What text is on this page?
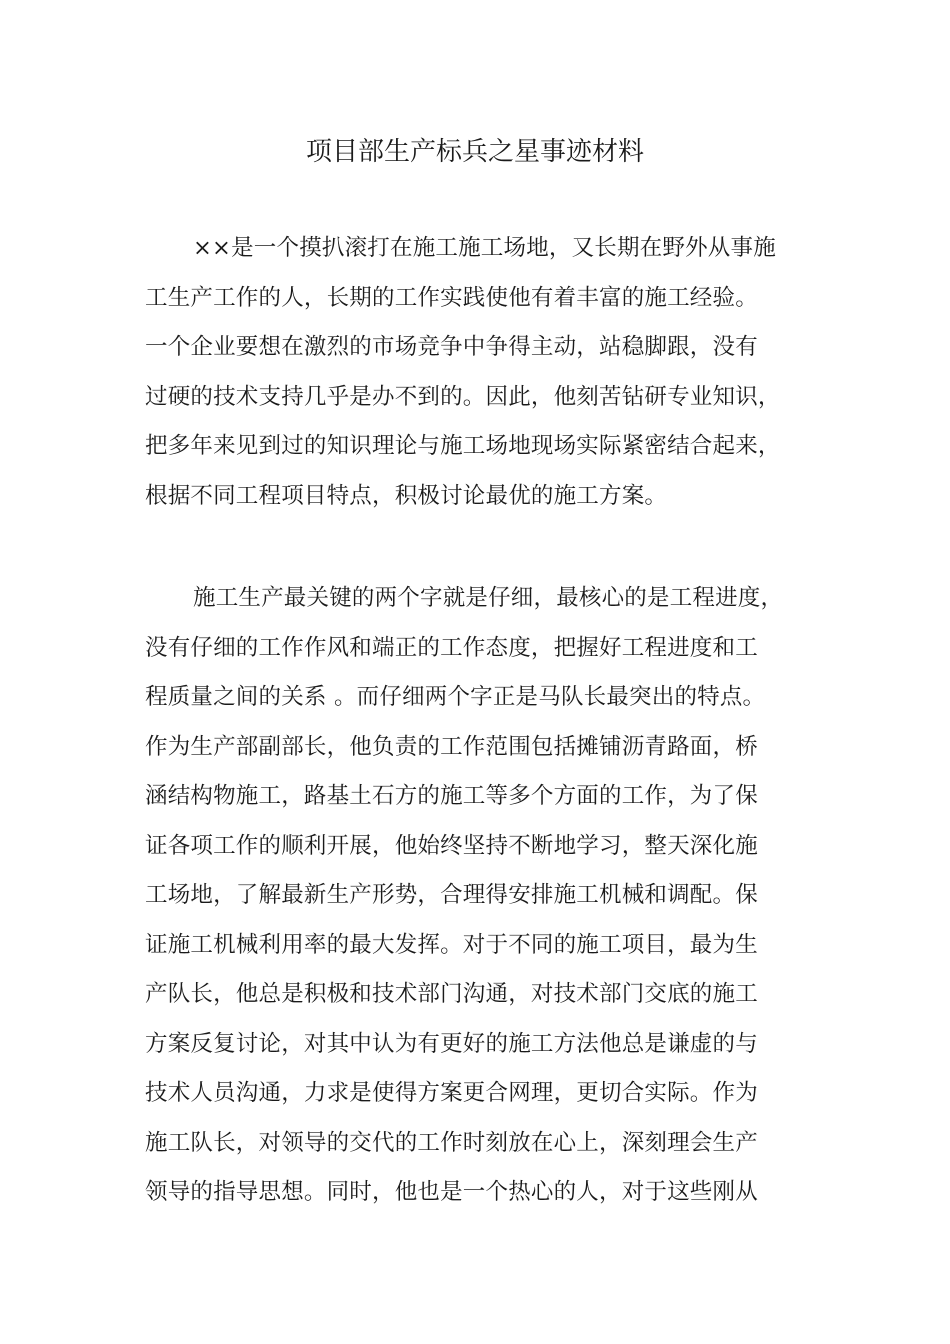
项目部生产标兵之星事迹材料
××是一个摸扒滚打在施工施工场地，又长期在野外从事施
工生产工作的人，长期的工作实践使他有着丰富的施工经验。
一个企业要想在激烈的市场竞争中争得主动，站稳脚跟，没有
过硬的技术支持几乎是办不到的。因此，他刻苦钻研专业知识，
把多年来见到过的知识理论与施工场地现场实际紧密结合起来，
根据不同工程项目特点，积极讨论最优的施工方案。
施工生产最关键的两个字就是仔细，最核心的是工程进度，
没有仔细的工作作风和端正的工作态度，把握好工程进度和工
程质量之间的关系 。而仔细两个字正是马队长最突出的特点。
作为生产部副部长，他负责的工作范围包括摊铺沥青路面，桥
涵结构物施工，路基土石方的施工等多个方面的工作，为了保
证各项工作的顺利开展，他始终坚持不断地学习，整天深化施
工场地，了解最新生产形势，合理得安排施工机械和调配。保
证施工机械利用率的最大发挥。对于不同的施工项目，最为生
产队长，他总是积极和技术部门沟通，对技术部门交底的施工
方案反复讨论，对其中认为有更好的施工方法他总是谦虚的与
技术人员沟通，力求是使得方案更合网理，更切合实际。作为
施工队长，对领导的交代的工作时刻放在心上，深刻理会生产
领导的指导思想。同时，他也是一个热心的人，对于这些刚从
